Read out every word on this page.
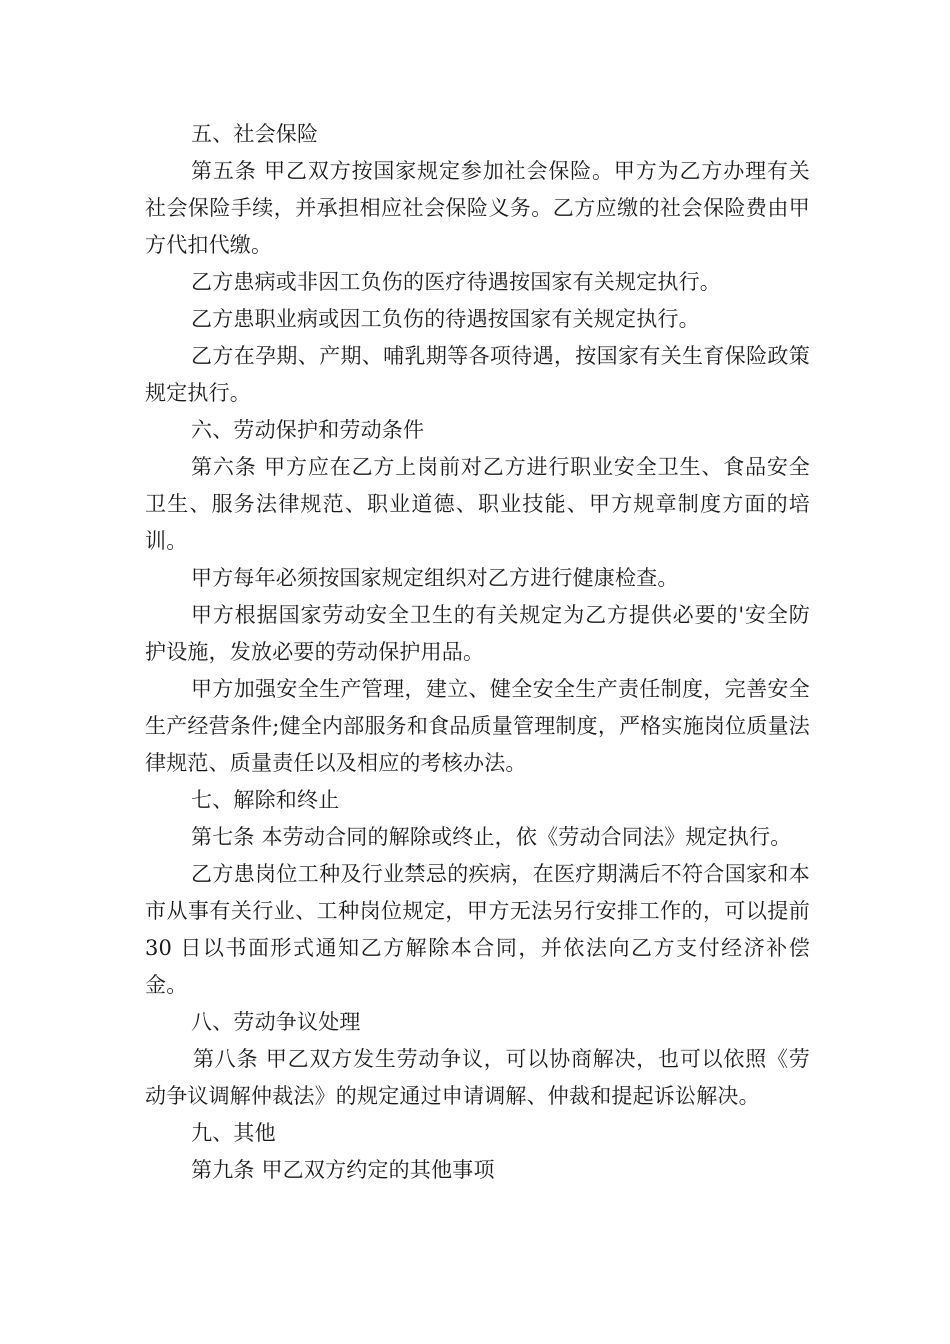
五、社会保险

第五条 甲乙双方按国家规定参加社会保险。甲方为乙方办理有关社会保险手续，并承担相应社会保险义务。乙方应缴的社会保险费由甲方代扣代缴。

乙方患病或非因工负伤的医疗待遇按国家有关规定执行。

乙方患职业病或因工负伤的待遇按国家有关规定执行。

乙方在孕期、产期、哺乳期等各项待遇，按国家有关生育保险政策规定执行。

六、劳动保护和劳动条件

第六条 甲方应在乙方上岗前对乙方进行职业安全卫生、食品安全卫生、服务法律规范、职业道德、职业技能、甲方规章制度方面的培训。

甲方每年必须按国家规定组织对乙方进行健康检查。

甲方根据国家劳动安全卫生的有关规定为乙方提供必要的'安全防护设施，发放必要的劳动保护用品。

甲方加强安全生产管理，建立、健全安全生产责任制度，完善安全生产经营条件;健全内部服务和食品质量管理制度，严格实施岗位质量法律规范、质量责任以及相应的考核办法。

七、解除和终止

第七条 本劳动合同的解除或终止，依《劳动合同法》规定执行。

乙方患岗位工种及行业禁忌的疾病，在医疗期满后不符合国家和本市从事有关行业、工种岗位规定，甲方无法另行安排工作的，可以提前 30 日以书面形式通知乙方解除本合同，并依法向乙方支付经济补偿金。

八、劳动争议处理

第八条 甲乙双方发生劳动争议，可以协商解决，也可以依照《劳动争议调解仲裁法》的规定通过申请调解、仲裁和提起诉讼解决。

九、其他

第九条 甲乙双方约定的其他事项
